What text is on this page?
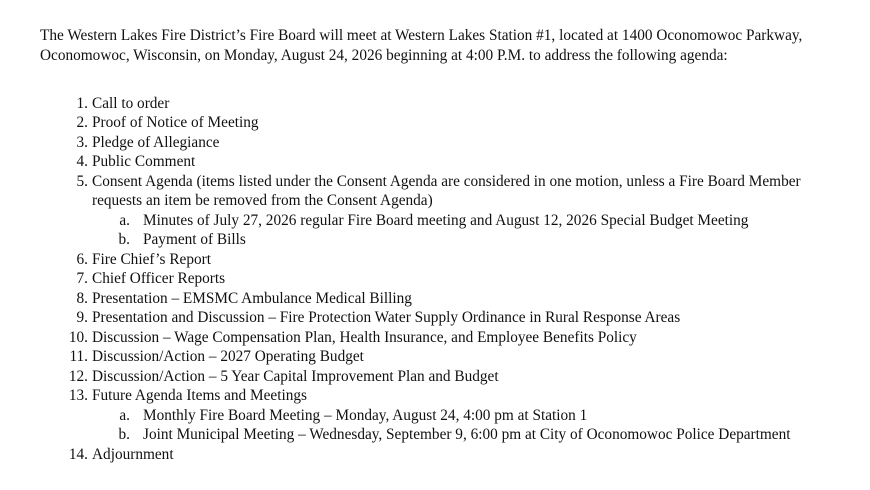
The Western Lakes Fire District’s Fire Board will meet at Western Lakes Station #1, located at 1400 Oconomowoc Parkway, Oconomowoc, Wisconsin, on Monday, August 24, 2026 beginning at 4:00 P.M. to address the following agenda:

1. Call to order
2. Proof of Notice of Meeting
3. Pledge of Allegiance
4. Public Comment
5. Consent Agenda (items listed under the Consent Agenda are considered in one motion, unless a Fire Board Member requests an item be removed from the Consent Agenda)
a. Minutes of July 27, 2026 regular Fire Board meeting and August 12, 2026 Special Budget Meeting
b. Payment of Bills
6. Fire Chief’s Report
7. Chief Officer Reports
8. Presentation – EMSMC Ambulance Medical Billing
9. Presentation and Discussion – Fire Protection Water Supply Ordinance in Rural Response Areas
10. Discussion – Wage Compensation Plan, Health Insurance, and Employee Benefits Policy
11. Discussion/Action – 2027 Operating Budget
12. Discussion/Action – 5 Year Capital Improvement Plan and Budget
13. Future Agenda Items and Meetings
a. Monthly Fire Board Meeting – Monday, August 24, 4:00 pm at Station 1
b. Joint Municipal Meeting – Wednesday, September 9, 6:00 pm at City of Oconomowoc Police Department
14. Adjournment
